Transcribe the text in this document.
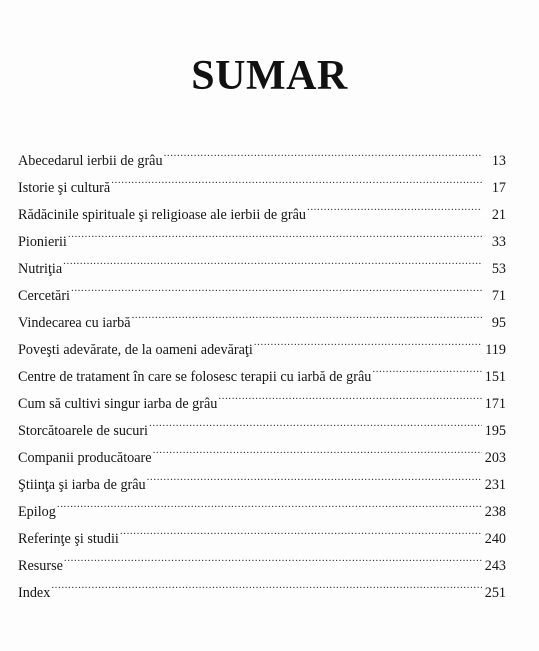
SUMAR
Abecedarul ierbii de grâu .....	13
Istorie şi cultură .....	17
Rădăcinile spirituale şi religioase ale ierbii de grâu .....	21
Pionierii .....	33
Nutriţia .....	53
Cercetări .....	71
Vindecarea cu iarbă .....	95
Poveşti adevărate, de la oameni adevăraţi .....	119
Centre de tratament în care se folosesc terapii cu iarbă de grâu .....	151
Cum să cultivi singur iarba de grâu .....	171
Storcătoarele de sucuri .....	195
Companii producătoare .....	203
Ştiinţa şi iarba de grâu .....	231
Epilog .....	238
Referinţe şi studii .....	240
Resurse .....	243
Index .....	251
